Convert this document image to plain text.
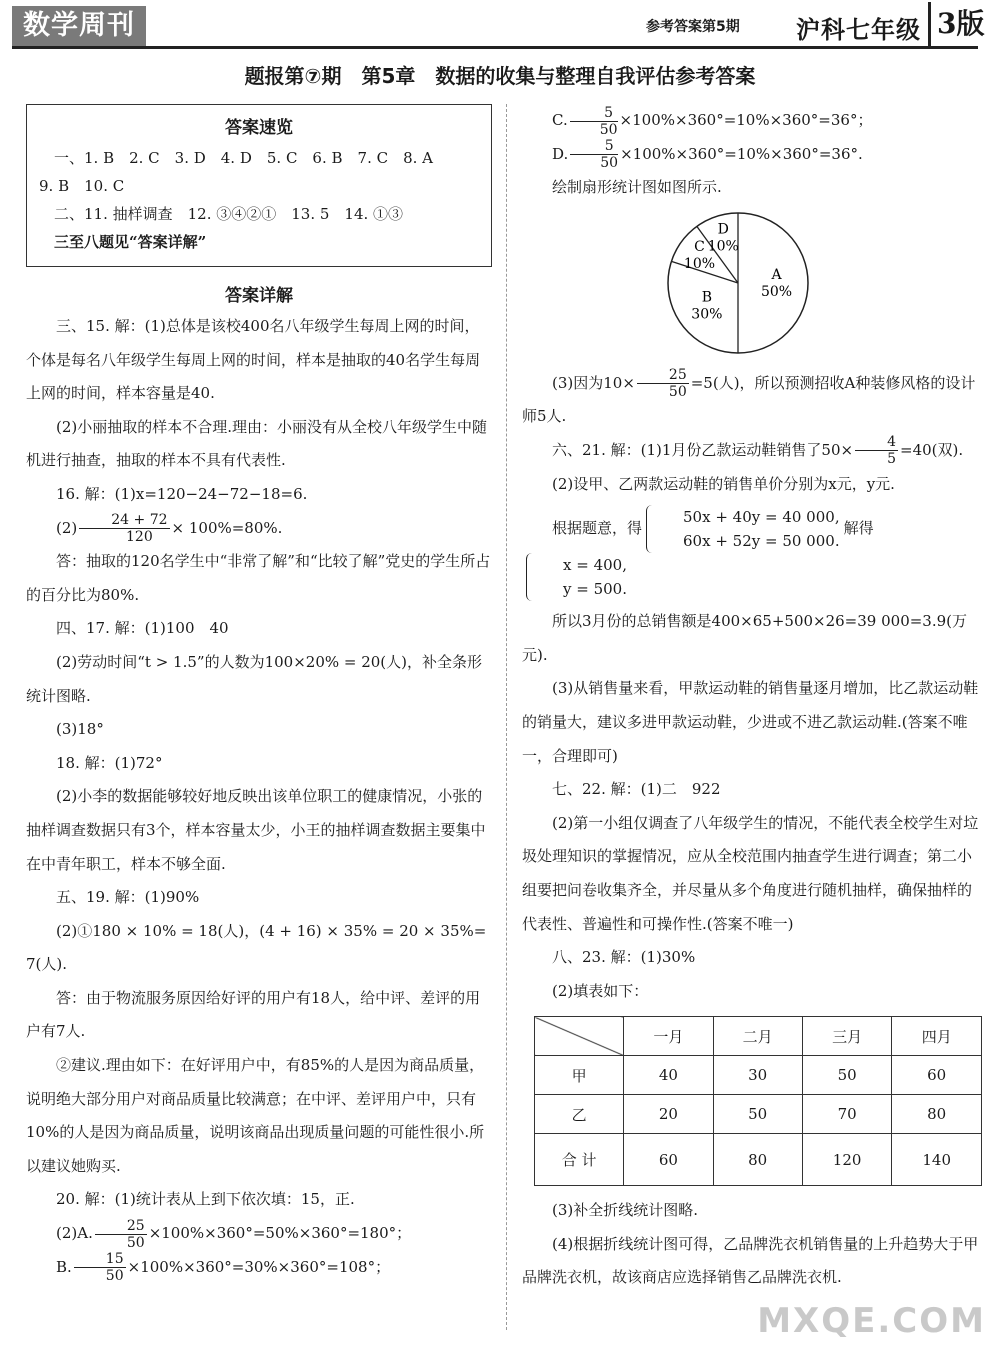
数学周刊	参考答案第5期 沪科七年级 3版
题报第⑦期　第5章　数据的收集与整理自我评估参考答案
答案速览
　一、1. B　2. C　3. D　4. D　5. C　6. B　7. C　8. A
9. B　10. C
　二、11. 抽样调查　12. ③④②①　13. 5　14. ①③
　三至八题见“答案详解”
答案详解

三、15. 解：(1)总体是该校400名八年级学生每周上网的时间，个体是每名八年级学生每周上网的时间，样本是抽取的40名学生每周上网的时间，样本容量是40.

(2)小丽抽取的样本不合理.理由：小丽没有从全校八年级学生中随机进行抽查，抽取的样本不具有代表性.

16. 解：(1)x=120−24−72−18=6.

$(2) \frac{24 + 72}{120} \times 100\%=80\%$.

答：抽取的120名学生中“非常了解”和“比较了解”党史的学生所占的百分比为80%.

四、17. 解：(1)100　40

(2)劳动时间“t > 1.5”的人数为100×20% = 20(人)，补全条形统计图略.

(3)18°

18. 解：(1)72°

(2)小李的数据能够较好地反映出该单位职工的健康情况，小张的抽样调查数据只有3个，样本容量太少，小王的抽样调查数据主要集中在中青年职工，样本不够全面.

五、19. 解：(1)90%

(2)①180 × 10% = 18(人)，(4 + 16) × 35% = 20 × 35%= 7(人).

答：由于物流服务原因给好评的用户有18人，给中评、差评的用户有7人.

②建议.理由如下：在好评用户中，有85%的人是因为商品质量，说明绝大部分用户对商品质量比较满意；在中评、差评用户中，只有10%的人是因为商品质量，说明该商品出现质量问题的可能性很小.所以建议她购买.

20. 解：(1)统计表从上到下依次填：15，正.

(2)A. $\frac{25}{50} \times 100\%\times 360^\circ=50\%\times 360^\circ=180^\circ$；

B. $\frac{15}{50} \times 100\%\times 360^\circ=30\%\times 360^\circ=108^\circ$；

C. $\frac{5}{50} \times 100\%\times 360^\circ=10\%\times 360^\circ=36^\circ$；

D. $\frac{5}{50} \times 100\%\times 360^\circ=10\%\times 360^\circ=36^\circ$.

绘制扇形统计图如图所示.

A
50%
B
30%
C
10%
D
10%

(3)因为$10\times \frac{25}{50} =5$(人)，所以预测招收A种装修风格的设计师5人.

六、21. 解：(1)1月份乙款运动鞋销售了$50\times \frac{4}{5} =40$(双).

(2)设甲、乙两款运动鞋的销售单价分别为x元，y元.

根据题意，得
50x + 40y = 40 000,
60x + 52y = 50 000.
解得
x = 400,
y = 500.

所以3月份的总销售额是400×65+500×26=39 000=3.9(万元).

(3)从销售量来看，甲款运动鞋的销售量逐月增加，比乙款运动鞋的销量大，建议多进甲款运动鞋，少进或不进乙款运动鞋.(答案不唯一，合理即可)

七、22. 解：(1)二　922

(2)第一小组仅调查了八年级学生的情况，不能代表全校学生对垃圾处理知识的掌握情况，应从全校范围内抽查学生进行调查；第二小组要把问卷收集齐全，并尽量从多个角度进行随机抽样，确保抽样的代表性、普遍性和可操作性.(答案不唯一)

八、23. 解：(1)30%

(2)填表如下：

	一月	二月	三月	四月
甲	40	30	50	60
乙	20	50	70	80
合 计	60	80	120	140

(3)补全折线统计图略.

(4)根据折线统计图可得，乙品牌洗衣机销售量的上升趋势大于甲品牌洗衣机，故该商店应选择销售乙品牌洗衣机.

MXQE.COM
